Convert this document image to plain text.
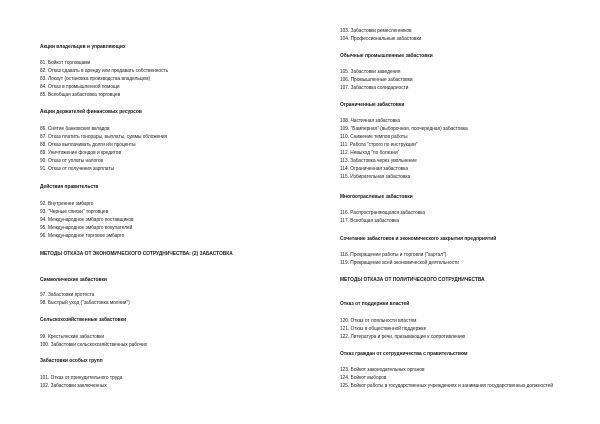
Акции владельцев и управляющих
81. Бойкот торговцами
82. Отказ сдавать в аренду или продавать собственность
83. Локаут (остановка производства владельцем)
84. Отказ в промышленной помощи
85. Всеобщая забастовка торговцев
Акции держателей финансовых ресурсов
86. Снятие банковских вкладов
87. Отказ платить гонорары, выплаты, суммы обложения
88. Отказ выплачивать долги и/и проценты
89. Уничтожение фондов и кредитов
90. Отказ от уплаты налогов
91. Отказ от получения зарплаты
Действия правительств
92. Внутреннее эмбарго
93. "Черные списки" торговцев
94. Международное эмбарго поставщиков
95. Международное эмбарго покупателей
96. Международное торговое эмбарго
МЕТОДЫ ОТКАЗА ОТ ЭКОНОМИЧЕСКОГО СОТРУДНИЧЕСТВА: (2) ЗАБАСТОВКА
Символические забастовки
97. Забастовки протеста
98. Быстрый уход ("забастовка молнии")
Сельскохозяйственные забастовки
99. Крестьянские забастовки
100. Забастовки сельскохозяйственных рабочих
Забастовки особых групп
101. Отказ от принудительного труда
102. Забастовки заключенных
103. Забастовки ремесленников
104. Профессиональные забастовки
Обычные промышленные забастовки
105. Забастовки заведения
106. Промышленные забастовки
107. Забастовка солидарности
Ограниченные забастовки
108. Частичная забастовка
109. "Бамперная" (выборочная, поочередная) забастовка
110. Снижение темпов работы
111. Работа "строго по инструкции"
112. Невыход "по болезни"
113. Забастовка через увольнение
114. Ограниченная забастовка
115. Избирательная забастовка
Многоотраслевые забастовки
116. Распространяющаяся забастовка
117. Всеобщая забастовка
Сочетание забастовок и экономического закрытия предприятий
118. Прекращение работы и торговли ("хартал")
119. Прекращение всей экономической деятельности
МЕТОДЫ ОТКАЗА ОТ ПОЛИТИЧЕСКОГО СОТРУДНИЧЕСТВА
Отказ от поддержки властей
120. Отказ от лояльности властям
121. Отказ в общественной поддержке
122. Литература и речи, призывающие к сопротивлению
Отказ граждан от сотрудничества с правительством
123. Бойкот законодательных органов
124. Бойкот выборов
125. Бойкот работы в государственных учреждениях и занимания государственных должностей
